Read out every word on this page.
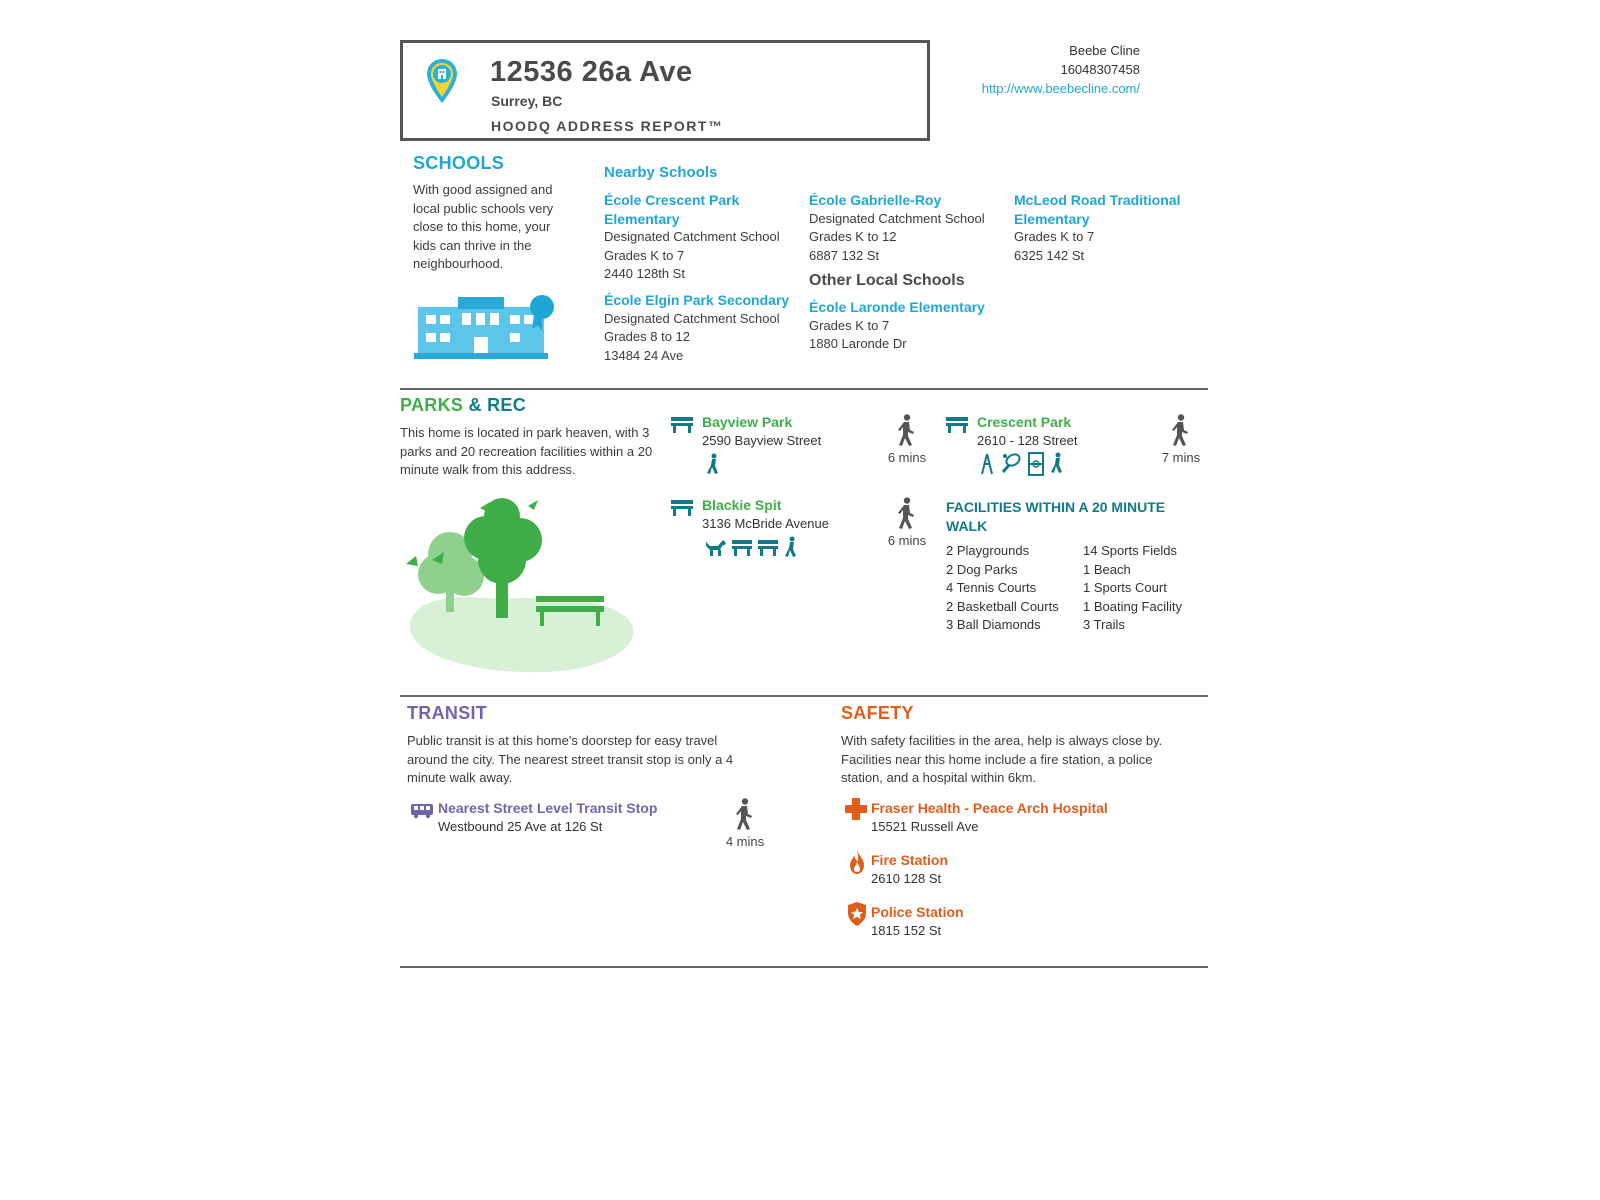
12536 26a Ave
Surrey, BC
HOODQ ADDRESS REPORT™
Beebe Cline
16048307458
http://www.beebecline.com/
SCHOOLS
With good assigned and local public schools very close to this home, your kids can thrive in the neighbourhood.
Nearby Schools
École Crescent Park
Elementary
Designated Catchment School
Grades K to 7
2440 128th St
École Gabrielle-Roy
Designated Catchment School
Grades K to 12
6887 132 St
McLeod Road Traditional
Elementary
Grades K to 7
6325 142 St
École Elgin Park Secondary
Designated Catchment School
Grades 8 to 12
13484 24 Ave
Other Local Schools
École Laronde Elementary
Grades K to 7
1880 Laronde Dr
PARKS & REC
This home is located in park heaven, with 3 parks and 20 recreation facilities within a 20 minute walk from this address.
Bayview Park
2590 Bayview Street
6 mins
Crescent Park
2610 - 128 Street
7 mins
Blackie Spit
3136 McBride Avenue
6 mins
FACILITIES WITHIN A 20 MINUTE
WALK
2 Playgrounds
2 Dog Parks
4 Tennis Courts
2 Basketball Courts
3 Ball Diamonds
14 Sports Fields
1 Beach
1 Sports Court
1 Boating Facility
3 Trails
TRANSIT
Public transit is at this home's doorstep for easy travel
around the city. The nearest street transit stop is only a 4
minute walk away.
Nearest Street Level Transit Stop
Westbound 25 Ave at 126 St
4 mins
SAFETY
With safety facilities in the area, help is always close by.
Facilities near this home include a fire station, a police
station, and a hospital within 6km.
Fraser Health - Peace Arch Hospital
15521 Russell Ave
Fire Station
2610 128 St
Police Station
1815 152 St
